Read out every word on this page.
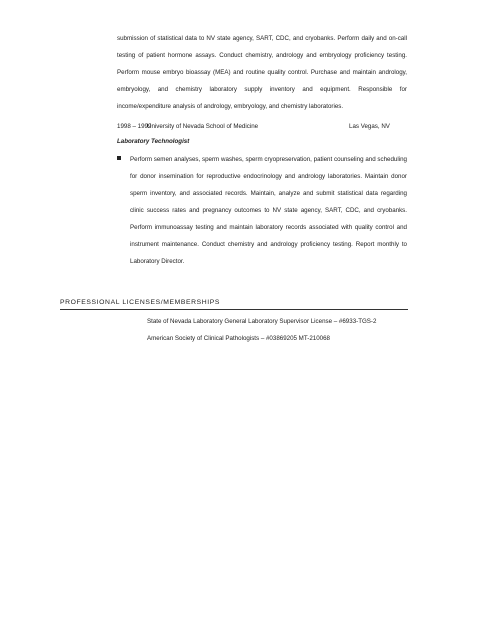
submission of statistical data to NV state agency, SART, CDC, and cryobanks. Perform daily and on-call testing of patient hormone assays. Conduct chemistry, andrology and embryology proficiency testing. Perform mouse embryo bioassay (MEA) and routine quality control. Purchase and maintain andrology, embryology, and chemistry laboratory supply inventory and equipment. Responsible for income/expenditure analysis of andrology, embryology, and chemistry laboratories.

1998 – 1999
University of Nevada School of Medicine	Las Vegas, NV
Laboratory Technologist

Perform semen analyses, sperm washes, sperm cryopreservation, patient counseling and scheduling for donor insemination for reproductive endocrinology and andrology laboratories. Maintain donor sperm inventory, and associated records. Maintain, analyze and submit statistical data regarding clinic success rates and pregnancy outcomes to NV state agency, SART, CDC, and cryobanks. Perform immunoassay testing and maintain laboratory records associated with quality control and instrument maintenance. Conduct chemistry and andrology proficiency testing. Report monthly to Laboratory Director.

PROFESSIONAL LICENSES/MEMBERSHIPS
State of Nevada Laboratory General Laboratory Supervisor License – #6933-TGS-2
American Society of Clinical Pathologists – #03869205 MT-210068
